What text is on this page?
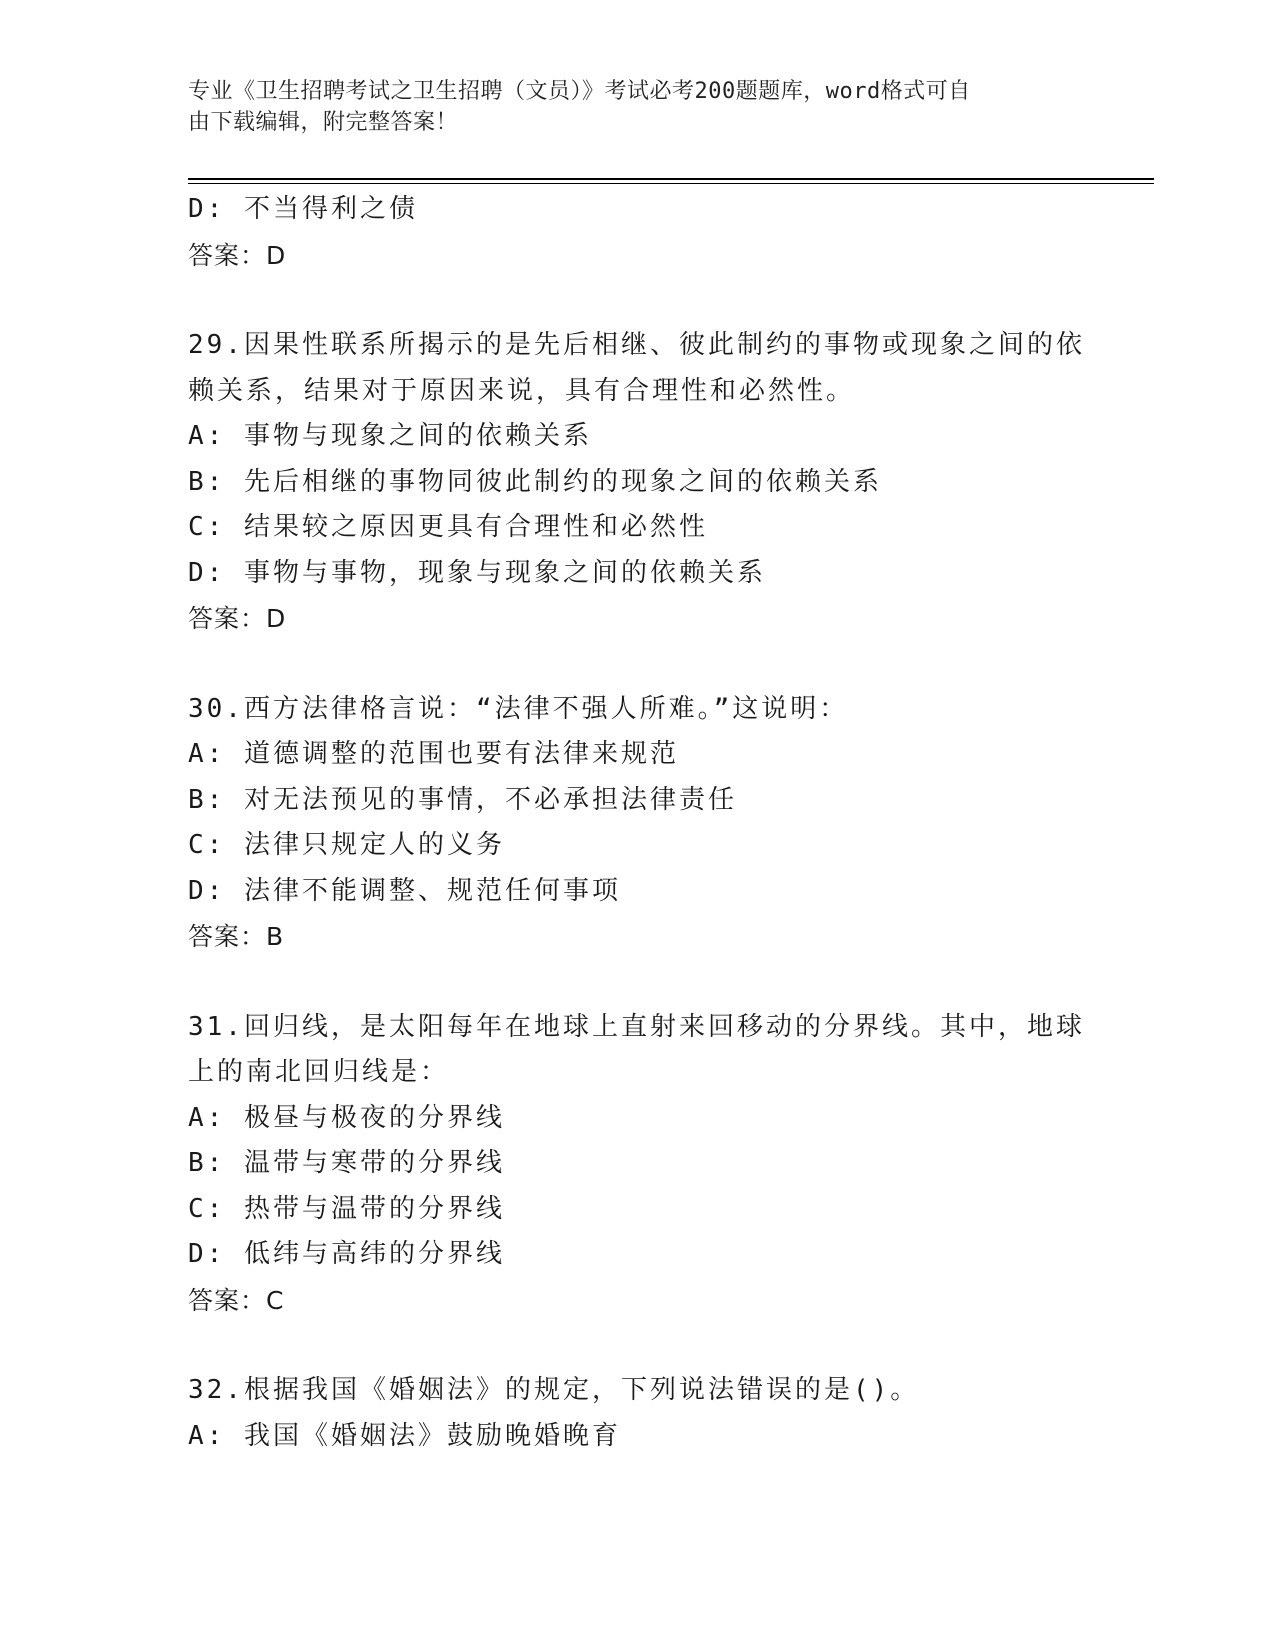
专业《卫生招聘考试之卫生招聘（文员）》考试必考200题题库，word格式可自
由下载编辑，附完整答案！
D: 不当得利之债
答案：D
29.因果性联系所揭示的是先后相继、彼此制约的事物或现象之间的依
赖关系，结果对于原因来说，具有合理性和必然性。
A: 事物与现象之间的依赖关系
B: 先后相继的事物同彼此制约的现象之间的依赖关系
C: 结果较之原因更具有合理性和必然性
D: 事物与事物，现象与现象之间的依赖关系
答案：D
30.西方法律格言说：“法律不强人所难。”这说明：
A: 道德调整的范围也要有法律来规范
B: 对无法预见的事情，不必承担法律责任
C: 法律只规定人的义务
D: 法律不能调整、规范任何事项
答案：B
31.回归线，是太阳每年在地球上直射来回移动的分界线。其中，地球
上的南北回归线是：
A: 极昼与极夜的分界线
B: 温带与寒带的分界线
C: 热带与温带的分界线
D: 低纬与高纬的分界线
答案：C
32.根据我国《婚姻法》的规定，下列说法错误的是()。
A: 我国《婚姻法》鼓励晚婚晚育
